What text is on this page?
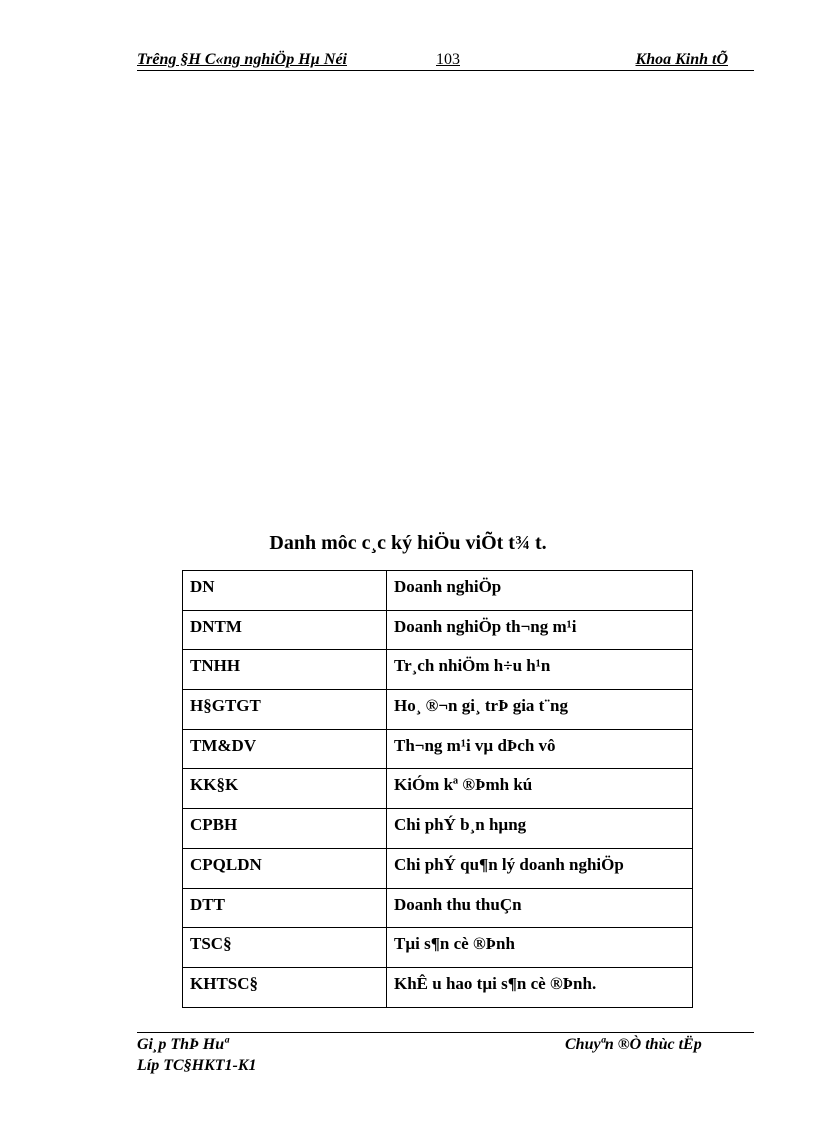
Trêng §H C«ng nghiÖp Hµ Néi	103	Khoa Kinh tÕ
Danh môc c¸c ký hiÖu viÕt t¾ t.
DN	Doanh nghiÖp
DNTM	Doanh nghiÖp th¬ng m¹i
TNHH	Tr¸ch nhiÖm h÷u h¹n
H§GTGT	Ho¸ ®¬n gi¸ trÞ gia t¨ng
TM&DV	Th¬ng m¹i vµ dÞch vô
KK§K	KiÓm kª ®Þmh kú
CPBH	Chi phÝ b¸n hµng
CPQLDN	Chi phÝ qu¶n lý doanh nghiÖp
DTT	Doanh thu thuÇn
TSC§	Tµi s¶n cè ®Þnh
KHTSC§	KhÊ u hao tµi s¶n cè ®Þnh.
Gi¸p ThÞ Huª
Líp TC§HKT1-K1
Chuyªn ®Ò thùc tËp
